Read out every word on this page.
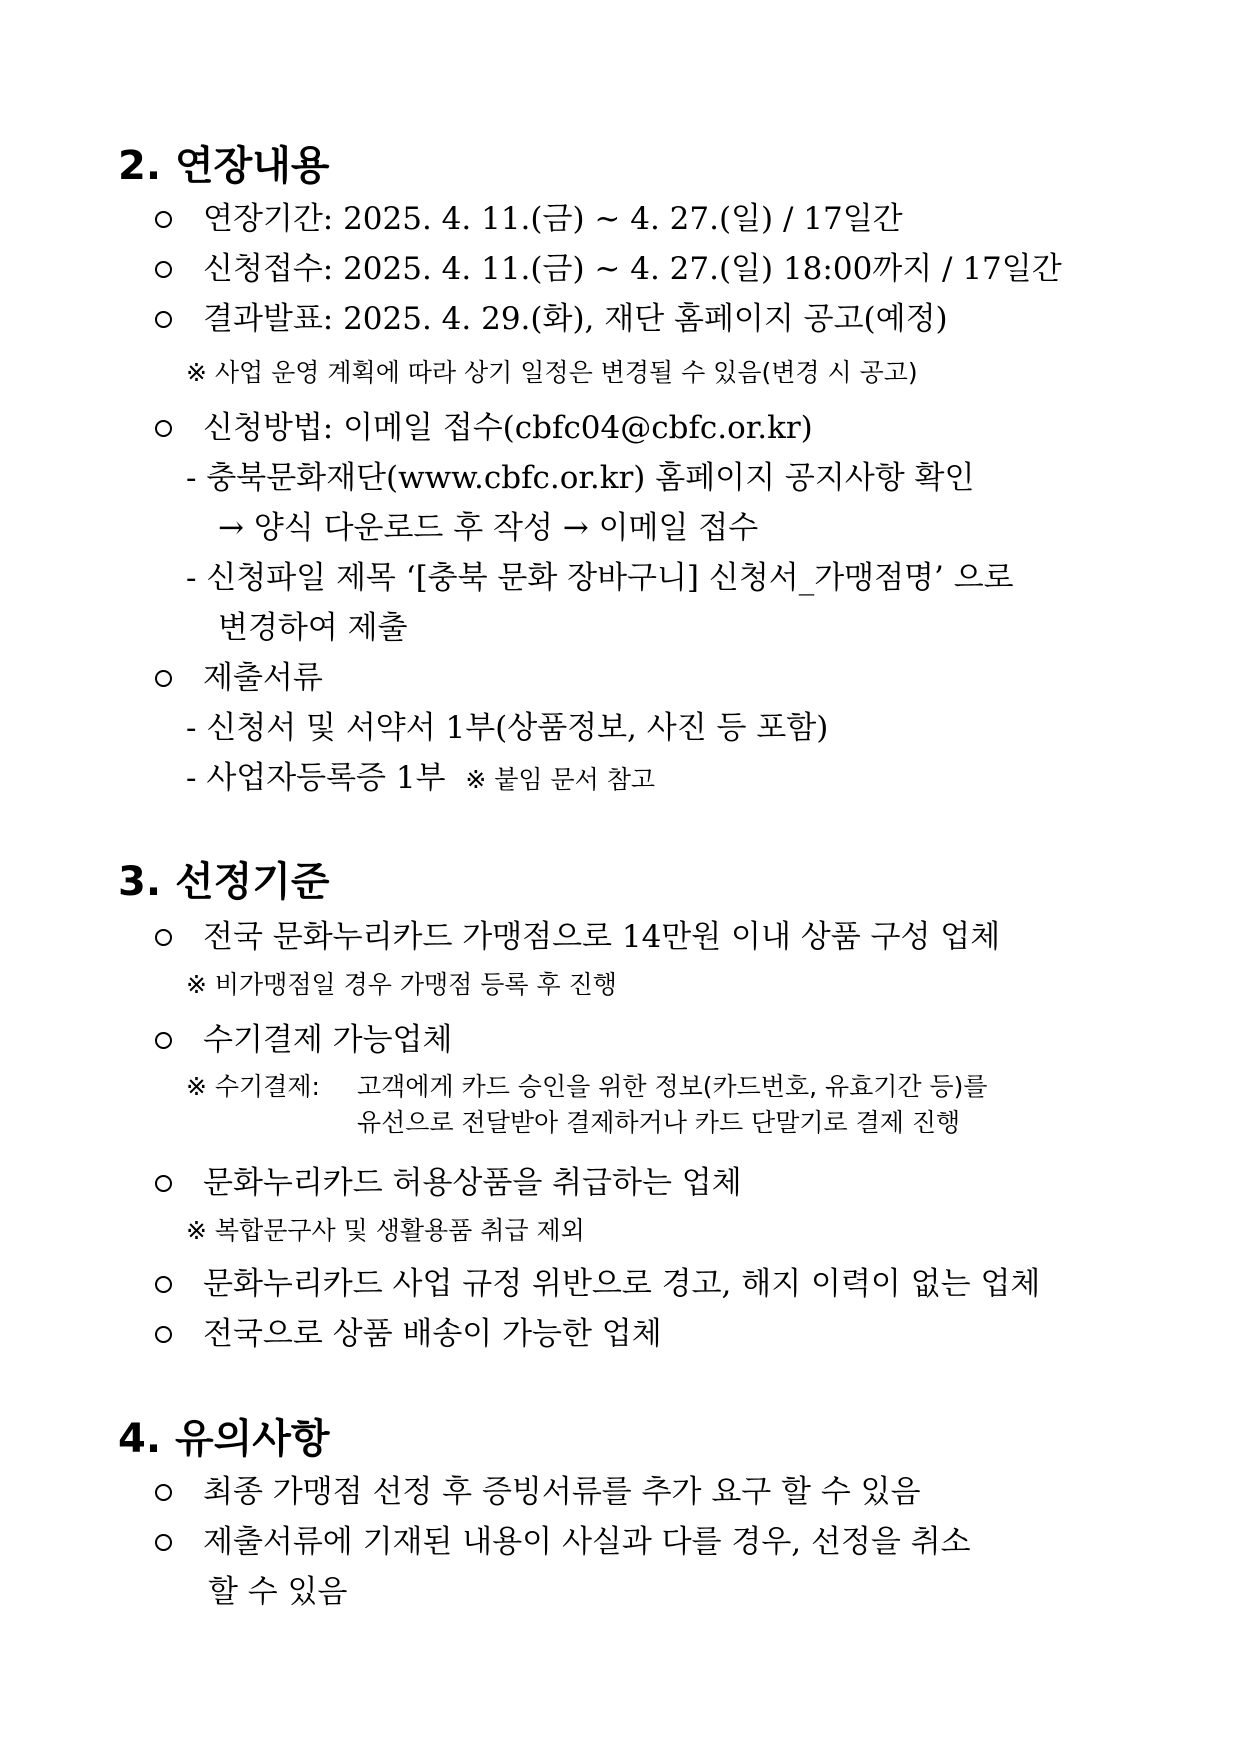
2. 연장내용
연장기간: 2025. 4. 11.(금) ~ 4. 27.(일) / 17일간
신청접수: 2025. 4. 11.(금) ~ 4. 27.(일) 18:00까지 / 17일간
결과발표: 2025. 4. 29.(화), 재단 홈페이지 공고(예정)
※ 사업 운영 계획에 따라 상기 일정은 변경될 수 있음(변경 시 공고)
신청방법: 이메일 접수(cbfc04@cbfc.or.kr)
- 충북문화재단(www.cbfc.or.kr) 홈페이지 공지사항 확인
→ 양식 다운로드 후 작성 → 이메일 접수
- 신청파일 제목 ‘[충북 문화 장바구니] 신청서_가맹점명’ 으로
변경하여 제출
제출서류
- 신청서 및 서약서 1부(상품정보, 사진 등 포함)
- 사업자등록증 1부 ※ 붙임 문서 참고
3. 선정기준
전국 문화누리카드 가맹점으로 14만원 이내 상품 구성 업체
※ 비가맹점일 경우 가맹점 등록 후 진행
수기결제 가능업체
※ 수기결제: 고객에게 카드 승인을 위한 정보(카드번호, 유효기간 등)를
유선으로 전달받아 결제하거나 카드 단말기로 결제 진행
문화누리카드 허용상품을 취급하는 업체
※ 복합문구사 및 생활용품 취급 제외
문화누리카드 사업 규정 위반으로 경고, 해지 이력이 없는 업체
전국으로 상품 배송이 가능한 업체
4. 유의사항
최종 가맹점 선정 후 증빙서류를 추가 요구 할 수 있음
제출서류에 기재된 내용이 사실과 다를 경우, 선정을 취소
할 수 있음
